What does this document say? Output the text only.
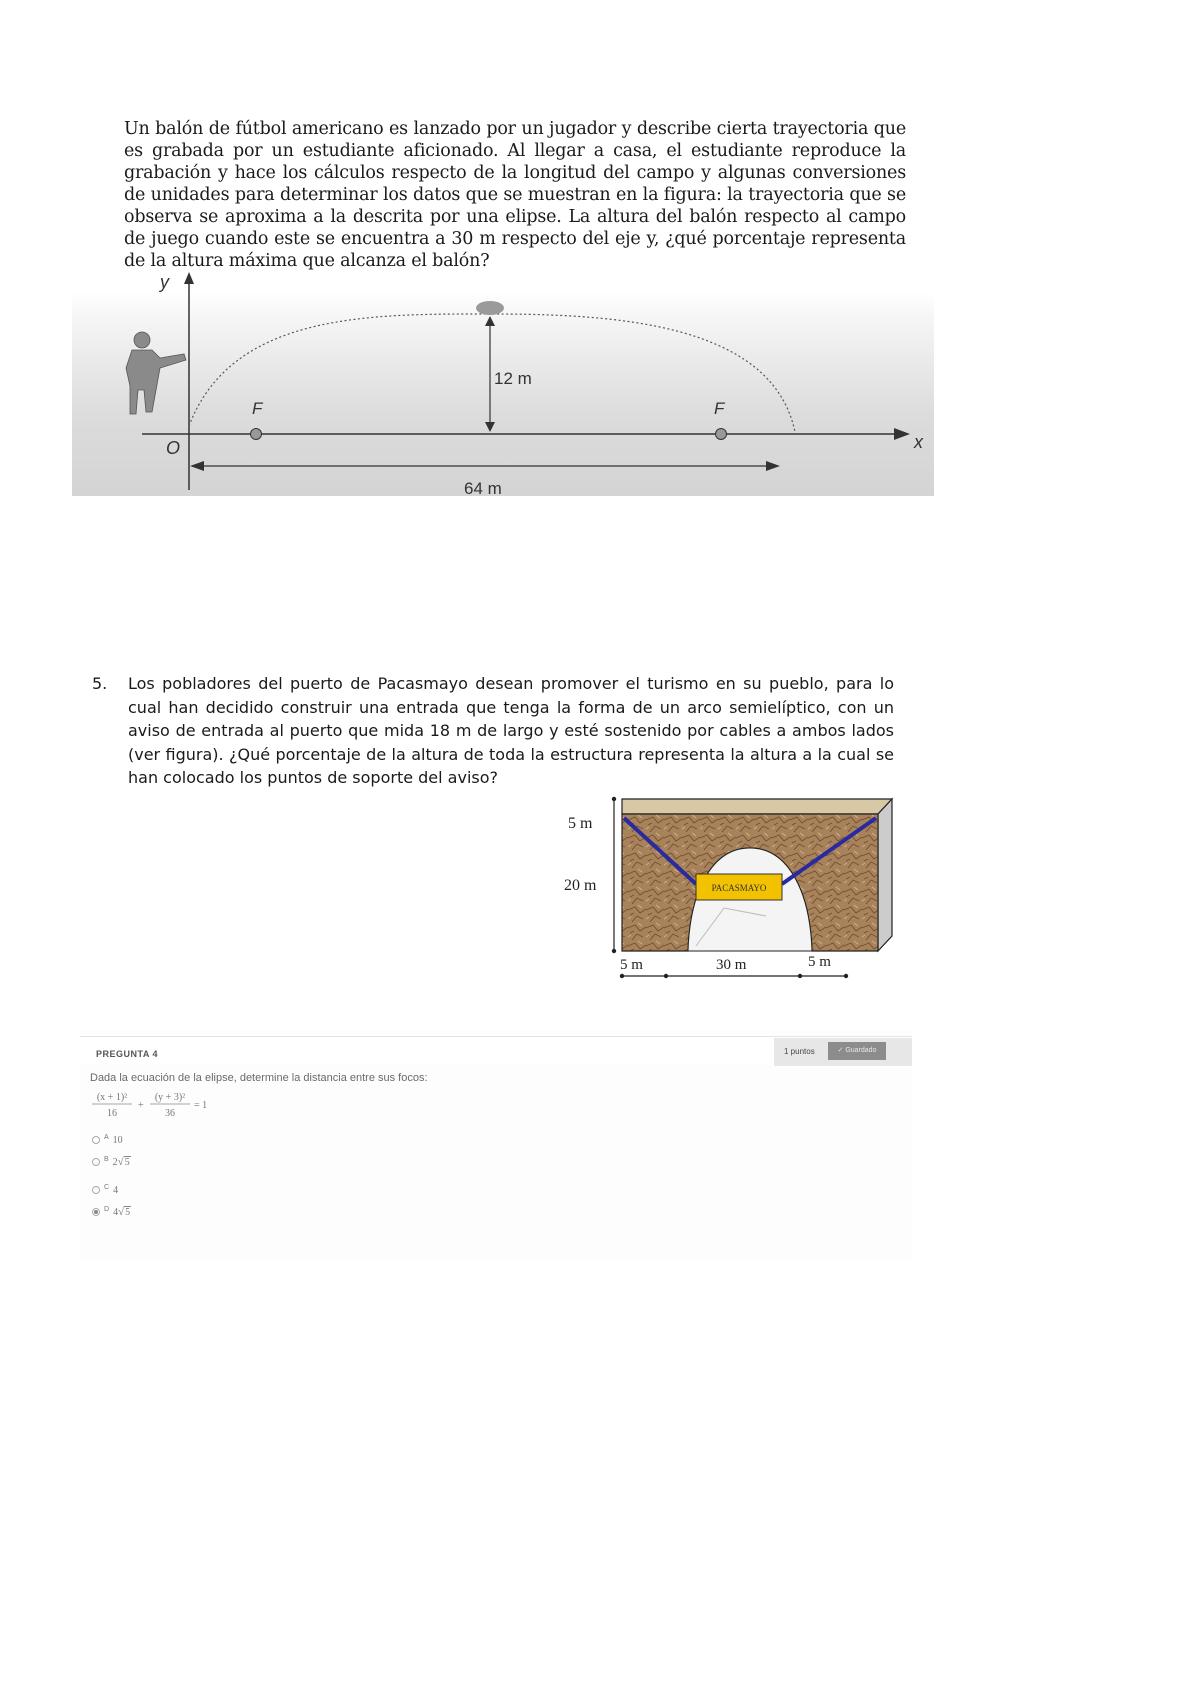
Un balón de fútbol americano es lanzado por un jugador y describe cierta trayectoria que es grabada por un estudiante aficionado. Al llegar a casa, el estudiante reproduce la grabación y hace los cálculos respecto de la longitud del campo y algunas conversiones de unidades para determinar los datos que se muestran en la figura: la trayectoria que se observa se aproxima a la descrita por una elipse. La altura del balón respecto al campo de juego cuando este se encuentra a 30 m respecto del eje y, ¿qué porcentaje representa de la altura máxima que alcanza el balón?
y
x
O
12 m
F	F
64 m
5. Los pobladores del puerto de Pacasmayo desean promover el turismo en su pueblo, para lo cual han decidido construir una entrada que tenga la forma de un arco semielíptico, con un aviso de entrada al puerto que mida 18 m de largo y esté sostenido por cables a ambos lados (ver figura). ¿Qué porcentaje de la altura de toda la estructura representa la altura a la cual se han colocado los puntos de soporte del aviso?
PACASMAYO
5 m
20 m
5 m	30 m	5 m
PREGUNTA 4	1 puntos	✓ Guardado
Dada la ecuación de la elipse, determine la distancia entre sus focos:
(x + 1)²
16
+
(y + 3)²
36
= 1
$^A$ 10
$^B$ 2√5
$^C$ 4
$^D$ 4√5
